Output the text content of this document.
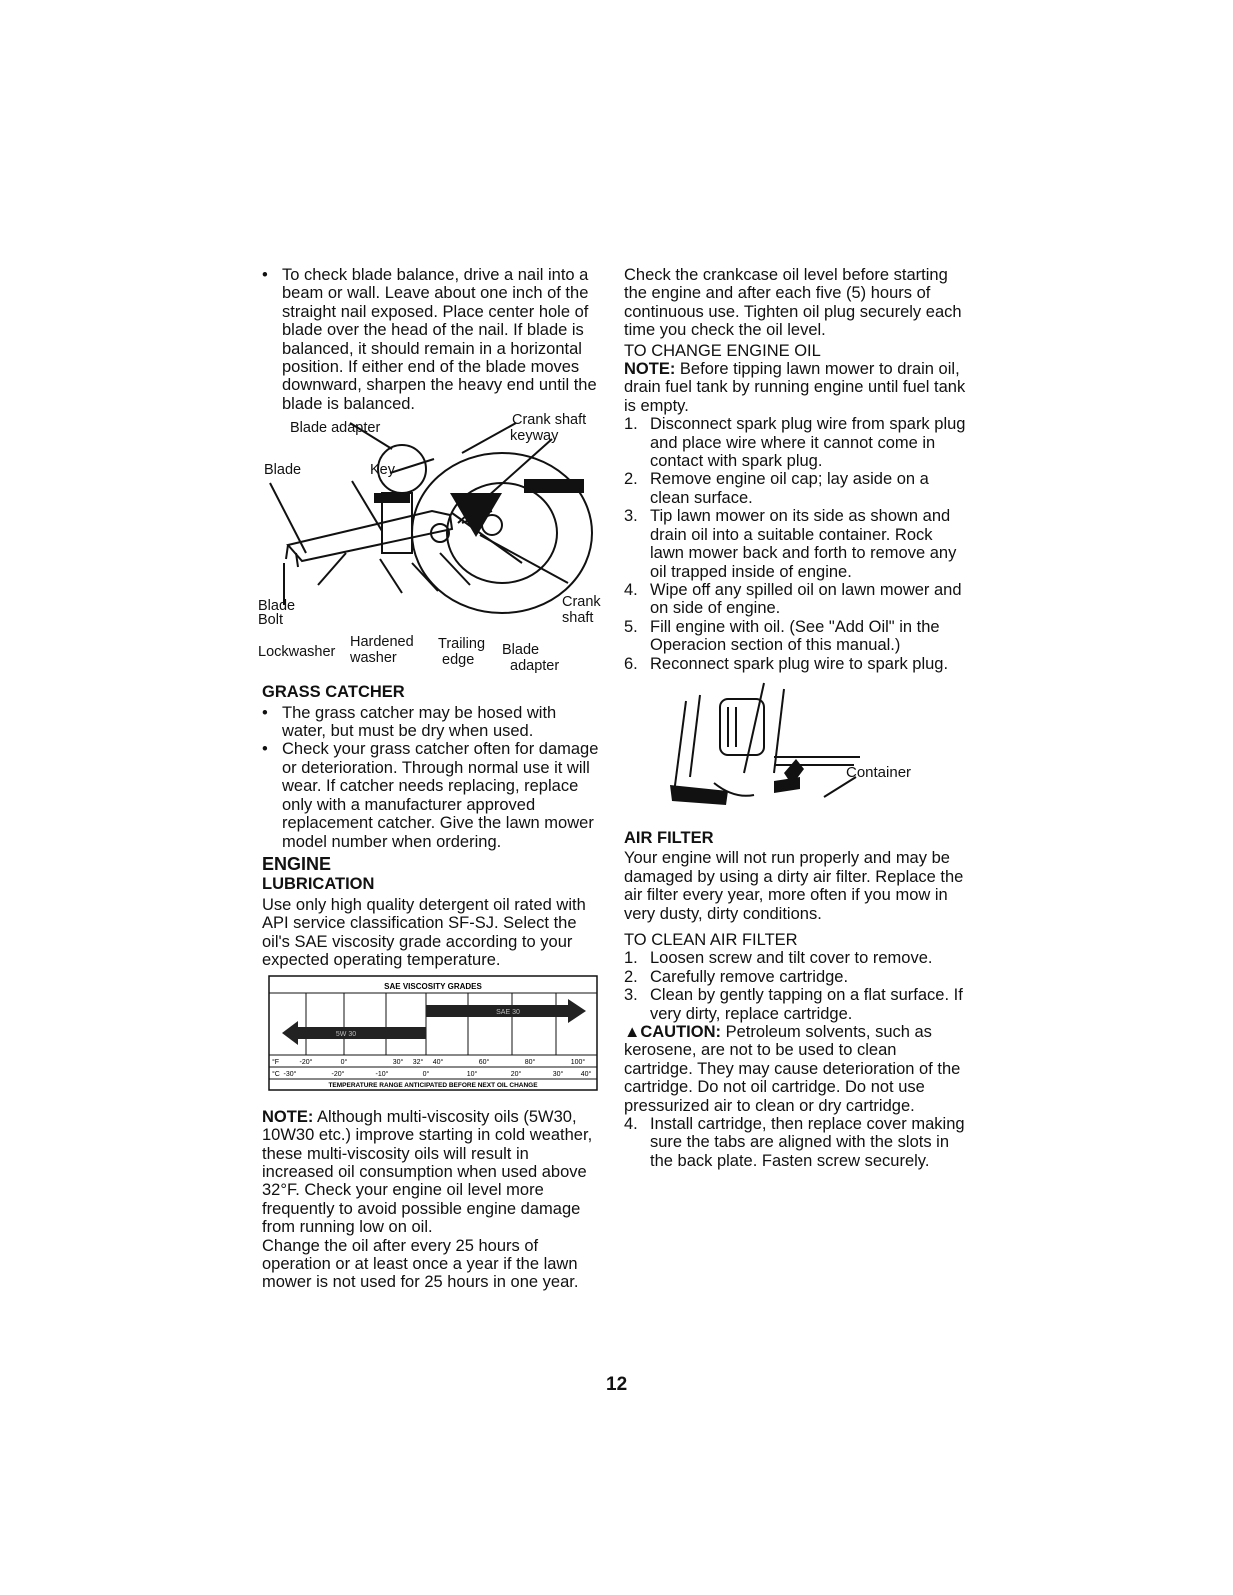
• To check blade balance, drive a nail into a beam or wall. Leave about one inch of the straight nail exposed. Place center hole of blade over the head of the nail. If blade is balanced, it should remain in a horizontal position. If either end of the blade moves downward, sharpen the heavy end until the blade is balanced.
Blade adapter	Crank shaft
keyway
Blade	Key
Blade
Bolt
Crank
shaft
Lockwasher
Hardened
washer
Trailing
edge
Blade
adapter
GRASS CATCHER
• The grass catcher may be hosed with water, but must be dry when used.
• Check your grass catcher often for damage or deterioration. Through normal use it will wear. If catcher needs replacing, replace only with a manufacturer approved replacement catcher. Give the lawn mower model number when ordering.
ENGINE
LUBRICATION

Use only high quality detergent oil rated with API service classification SF-SJ. Select the oil's SAE viscosity grade according to your expected operating temperature.

SAE VISCOSITY GRADES
5W 30
SAE 30
°F	-20°	0°	30° 32° 40°	60°	80°	100°
°C -30°	-20°	-10°	0°	10°	20°	30° 40°
TEMPERATURE RANGE ANTICIPATED BEFORE NEXT OIL CHANGE

NOTE: Although multi-viscosity oils (5W30, 10W30 etc.) improve starting in cold weather, these multi-viscosity oils will result in increased oil consumption when used above 32°F. Check your engine oil level more frequently to avoid possible engine damage from running low on oil.

Change the oil after every 25 hours of operation or at least once a year if the lawn mower is not used for 25 hours in one year.

Check the crankcase oil level before starting the engine and after each five (5) hours of continuous use. Tighten oil plug securely each time you check the oil level.

TO CHANGE ENGINE OIL

NOTE: Before tipping lawn mower to drain oil, drain fuel tank by running engine until fuel tank is empty.

1. Disconnect spark plug wire from spark plug and place wire where it cannot come in contact with spark plug.
2. Remove engine oil cap; lay aside on a clean surface.
3. Tip lawn mower on its side as shown and drain oil into a suitable container. Rock lawn mower back and forth to remove any oil trapped inside of engine.
4. Wipe off any spilled oil on lawn mower and on side of engine.
5. Fill engine with oil. (See "Add Oil" in the Operacion section of this manual.)
6. Reconnect spark plug wire to spark plug.
Container
AIR FILTER

Your engine will not run properly and may be damaged by using a dirty air filter. Replace the air filter every year, more often if you mow in very dusty, dirty conditions.

TO CLEAN AIR FILTER

1. Loosen screw and tilt cover to remove.
2. Carefully remove cartridge.
3. Clean by gently tapping on a flat surface. If very dirty, replace cartridge.

▲CAUTION: Petroleum solvents, such as kerosene, are not to be used to clean cartridge. They may cause deterioration of the cartridge. Do not oil cartridge. Do not use pressurized air to clean or dry cartridge.

4. Install cartridge, then replace cover making sure the tabs are aligned with the slots in the back plate. Fasten screw securely.
12
